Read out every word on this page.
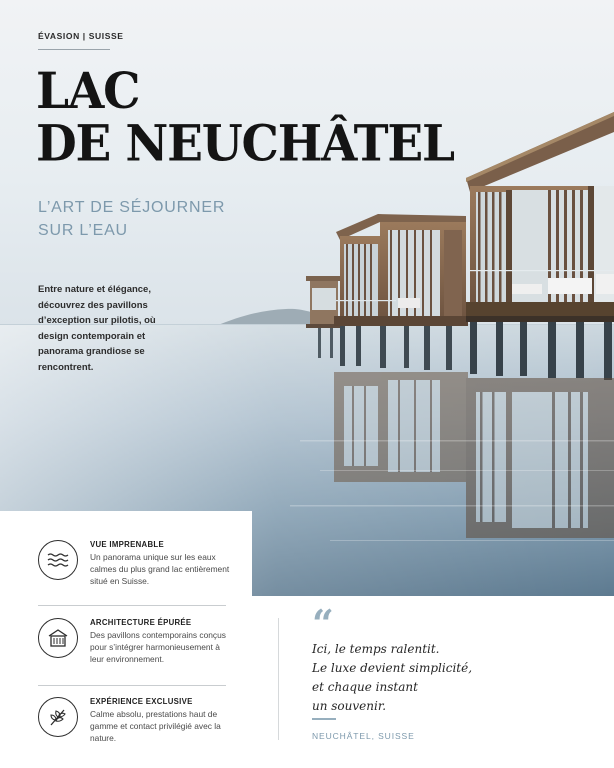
ÉVASION | SUISSE
LAC
DE NEUCHÂTEL
L’ART DE SÉJOURNER
SUR L’EAU

Entre nature et élégance, découvrez des pavillons d’exception sur pilotis, où design contemporain et panorama grandiose se rencontrent.

VUE IMPRENABLE
Un panorama unique sur les eaux calmes du plus grand lac entièrement situé en Suisse.
ARCHITECTURE ÉPURÉE
Des pavillons contemporains conçus pour s’intégrer harmonieusement à leur environnement.
EXPÉRIENCE EXCLUSIVE
Calme absolu, prestations haut de gamme et contact privilégié avec la nature.
“
Ici, le temps ralentit.
Le luxe devient simplicité,
et chaque instant
un souvenir.
NEUCHÂTEL, SUISSE
